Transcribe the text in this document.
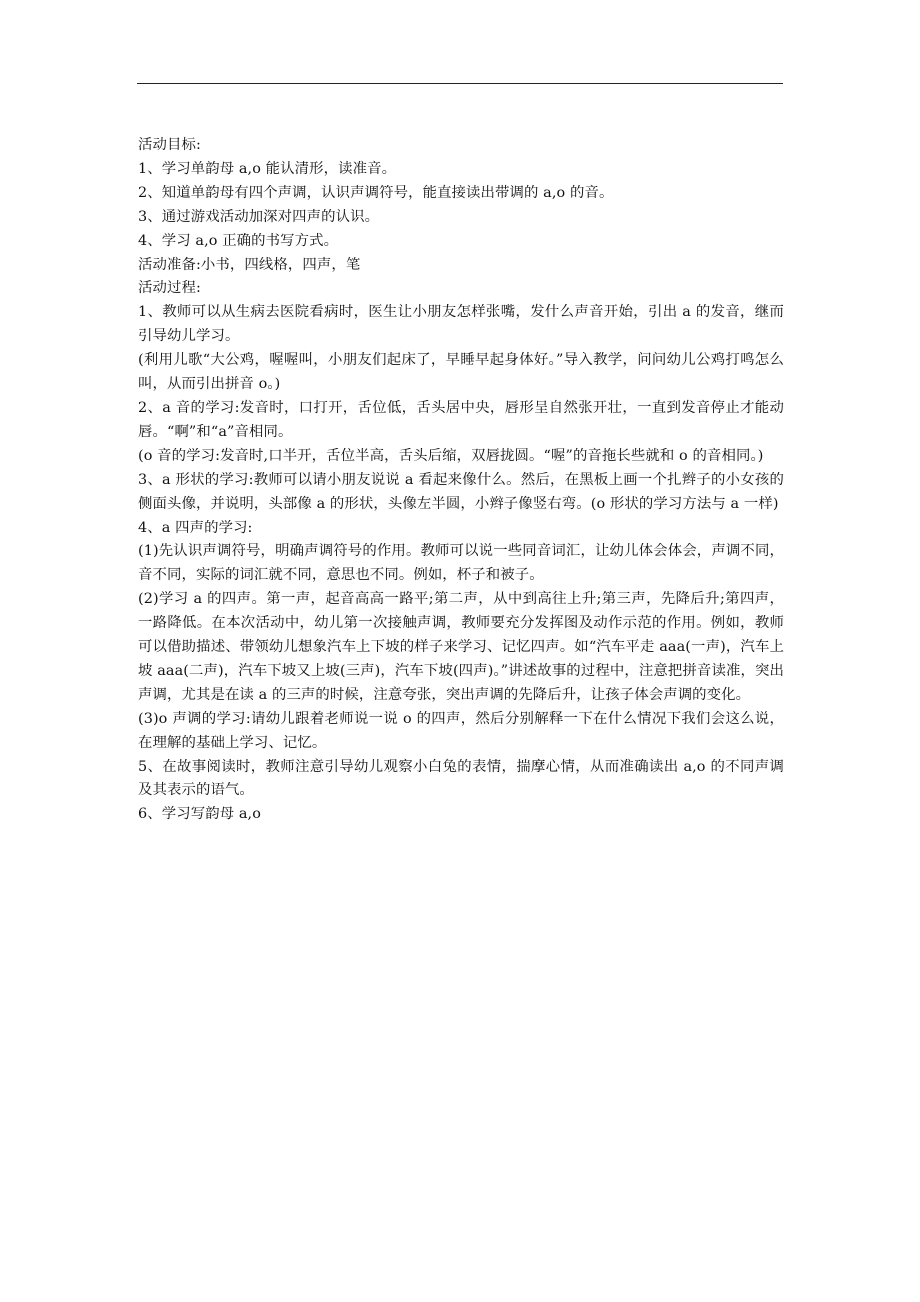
活动目标:

1、学习单韵母 a,o 能认清形，读准音。

2、知道单韵母有四个声调，认识声调符号，能直接读出带调的 a,o 的音。

3、通过游戏活动加深对四声的认识。

4、学习 a,o 正确的书写方式。

活动准备:小书，四线格，四声，笔

活动过程:

1、教师可以从生病去医院看病时，医生让小朋友怎样张嘴，发什么声音开始，引出 a 的发音，继而引导幼儿学习。

(利用儿歌“大公鸡，喔喔叫，小朋友们起床了，早睡早起身体好。”导入教学，问问幼儿公鸡打鸣怎么叫，从而引出拼音 o。)

2、a 音的学习:发音时，口打开，舌位低，舌头居中央，唇形呈自然张开壮，一直到发音停止才能动唇。“啊”和“a”音相同。

(o 音的学习:发音时,口半开，舌位半高，舌头后缩，双唇拢圆。“喔”的音拖长些就和 o 的音相同。)

3、a 形状的学习:教师可以请小朋友说说 a 看起来像什么。然后，在黑板上画一个扎辫子的小女孩的侧面头像，并说明，头部像 a 的形状，头像左半圆，小辫子像竖右弯。(o 形状的学习方法与 a 一样)

4、a 四声的学习:

(1)先认识声调符号，明确声调符号的作用。教师可以说一些同音词汇，让幼儿体会体会，声调不同，音不同，实际的词汇就不同，意思也不同。例如，杯子和被子。

(2)学习 a 的四声。第一声，起音高高一路平;第二声，从中到高往上升;第三声，先降后升;第四声，一路降低。在本次活动中，幼儿第一次接触声调，教师要充分发挥图及动作示范的作用。例如，教师可以借助描述、带领幼儿想象汽车上下坡的样子来学习、记忆四声。如“汽车平走 aaa(一声)，汽车上坡 aaa(二声)，汽车下坡又上坡(三声)，汽车下坡(四声)。”讲述故事的过程中，注意把拼音读准，突出声调，尤其是在读 a 的三声的时候，注意夸张，突出声调的先降后升，让孩子体会声调的变化。

(3)o 声调的学习:请幼儿跟着老师说一说 o 的四声，然后分别解释一下在什么情况下我们会这么说，在理解的基础上学习、记忆。

5、在故事阅读时，教师注意引导幼儿观察小白兔的表情，揣摩心情，从而准确读出 a,o 的不同声调及其表示的语气。

6、学习写韵母 a,o
